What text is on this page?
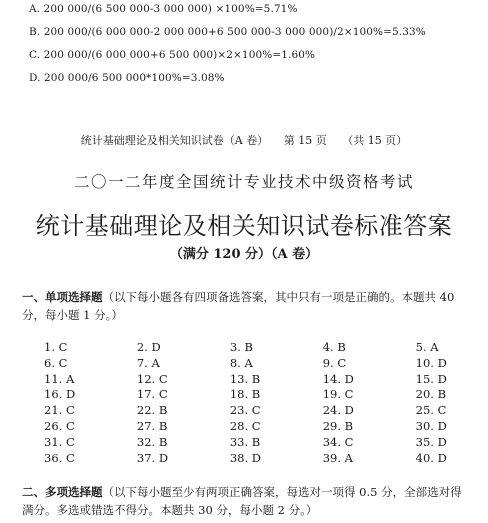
A. 200 000/(6 500 000-3 000 000) ×100%=5.71%
B. 200 000/(6 000 000-2 000 000+6 500 000-3 000 000)/2×100%=5.33%
C. 200 000/(6 000 000+6 500 000)×2×100%=1.60%
D. 200 000/6 500 000*100%=3.08%
统计基础理论及相关知识试卷（A 卷） 第 15 页 （共 15 页）
二〇一二年度全国统计专业技术中级资格考试
统计基础理论及相关知识试卷标准答案
（满分 120 分）（A 卷）
一、单项选择题（以下每小题各有四项备选答案，其中只有一项是正确的。本题共 40 分，每小题 1 分。）
1. C	2. D	3. B	4. B	5. A
6. C	7. A	8. A	9. C	10. D
11. A	12. C	13. B	14. D	15. D
16. D	17. C	18. B	19. C	20. B
21. C	22. B	23. C	24. D	25. C
26. C	27. B	28. C	29. B	30. D
31. C	32. B	33. B	34. C	35. D
36. C	37. D	38. D	39. A	40. D
二、多项选择题（以下每小题至少有两项正确答案，每选对一项得 0.5 分，全部选对得满分。多选或错选不得分。本题共 30 分，每小题 2 分。）
